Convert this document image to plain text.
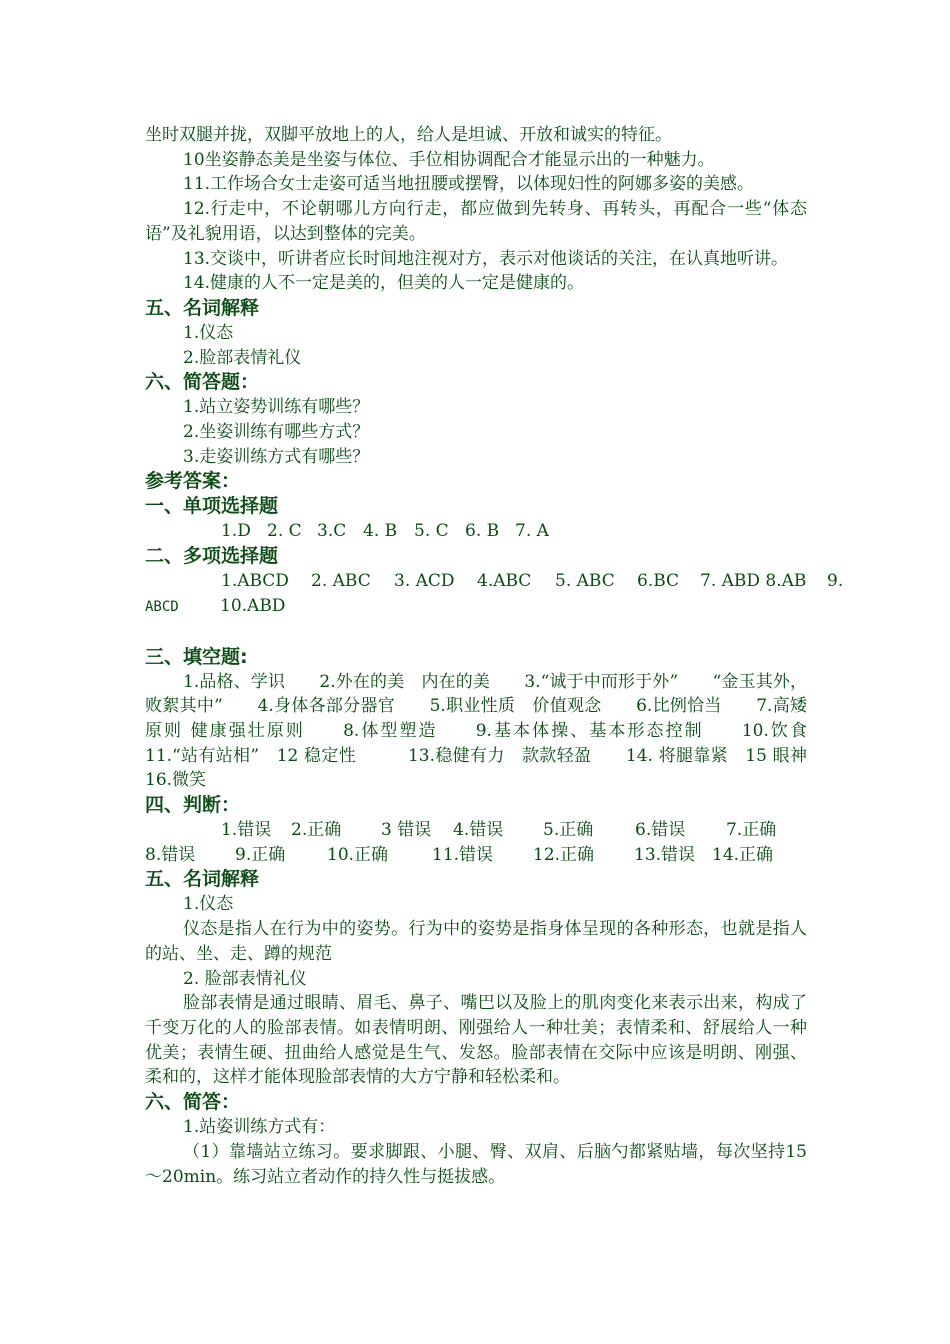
坐时双腿并拢，双脚平放地上的人，给人是坦诚、开放和诚实的特征。

10坐姿静态美是坐姿与体位、手位相协调配合才能显示出的一种魅力。

11.工作场合女士走姿可适当地扭腰或摆臀，以体现妇性的阿娜多姿的美感。

12.行走中，不论朝哪儿方向行走，都应做到先转身、再转头，再配合一些“体态语”及礼貌用语，以达到整体的完美。

13.交谈中，听讲者应长时间地注视对方，表示对他谈话的关注，在认真地听讲。

14.健康的人不一定是美的，但美的人一定是健康的。

五、名词解释

1.仪态

2.脸部表情礼仪

六、简答题：

1.站立姿势训练有哪些？

2.坐姿训练有哪些方式？

3.走姿训练方式有哪些？

参考答案：

一、单项选择题

1.D 2. C 3.C 4. B 5. C 6. B 7. A

二、多项选择题

1.ABCD 2. ABC 3. ACD 4.ABC 5. ABC 6.BC 7. ABD 8.AB 9.

ABCD 10.ABD

三、填空题:

1.品格、学识　　2.外在的美　内在的美　　3.“诚于中而形于外”　　“金玉其外，败絮其中”　　4.身体各部分器官　　5.职业性质　价值观念　　6.比例恰当　　7.高矮原则 健康强壮原则　　8.体型塑造　　9.基本体操、基本形态控制　　10.饮食　　11.“站有站相”　12 稳定性　　　13.稳健有力　款款轻盈　　14. 将腿靠紧　15 眼神　16.微笑

四、判断：

1.错误 2.正确 3 错误 4.错误 5.正确 6.错误 7.正确

8.错误 9.正确 10.正确	11.错误 12.正确 13.错误 14.正确

五、名词解释

1.仪态

仪态是指人在行为中的姿势。行为中的姿势是指身体呈现的各种形态，也就是指人的站、坐、走、蹲的规范

2. 脸部表情礼仪

脸部表情是通过眼睛、眉毛、鼻子、嘴巴以及脸上的肌肉变化来表示出来，构成了千变万化的人的脸部表情。如表情明朗、刚强给人一种壮美；表情柔和、舒展给人一种优美；表情生硬、扭曲给人感觉是生气、发怒。脸部表情在交际中应该是明朗、刚强、柔和的，这样才能体现脸部表情的大方宁静和轻松柔和。

六、简答：

1.站姿训练方式有：

（1）靠墙站立练习。要求脚跟、小腿、臀、双肩、后脑勺都紧贴墙，每次坚持15～20min。练习站立者动作的持久性与挺拔感。
